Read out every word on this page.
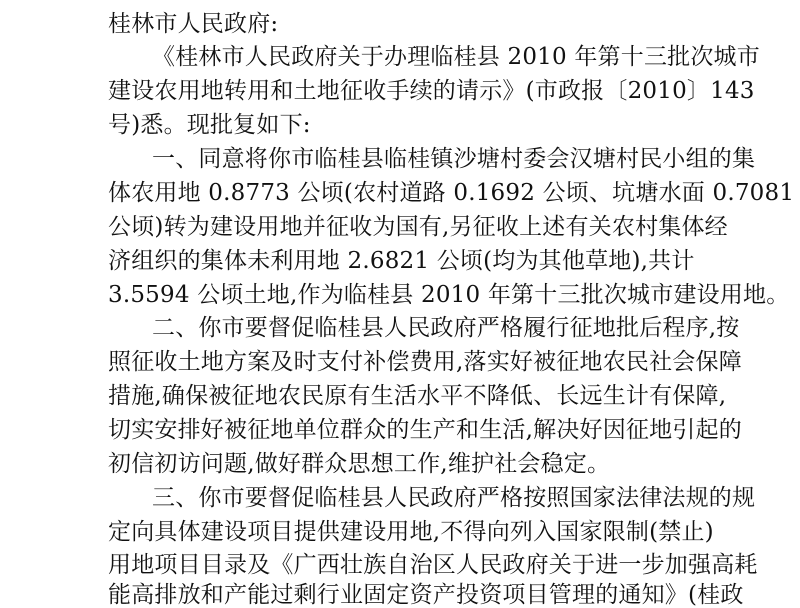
桂林市人民政府:
《桂林市人民政府关于办理临桂县 2010 年第十三批次城市
建设农用地转用和土地征收手续的请示》(市政报〔2010〕143
号)悉。现批复如下:
一、同意将你市临桂县临桂镇沙塘村委会汉塘村民小组的集
体农用地 0.8773 公顷(农村道路 0.1692 公顷、坑塘水面 0.7081
公顷)转为建设用地并征收为国有,另征收上述有关农村集体经
济组织的集体未利用地 2.6821 公顷(均为其他草地),共计
3.5594 公顷土地,作为临桂县 2010 年第十三批次城市建设用地。
二、你市要督促临桂县人民政府严格履行征地批后程序,按
照征收土地方案及时支付补偿费用,落实好被征地农民社会保障
措施,确保被征地农民原有生活水平不降低、长远生计有保障,
切实安排好被征地单位群众的生产和生活,解决好因征地引起的
初信初访问题,做好群众思想工作,维护社会稳定。
三、你市要督促临桂县人民政府严格按照国家法律法规的规
定向具体建设项目提供建设用地,不得向列入国家限制(禁止)
用地项目目录及《广西壮族自治区人民政府关于进一步加强高耗
能高排放和产能过剩行业固定资产投资项目管理的通知》(桂政
